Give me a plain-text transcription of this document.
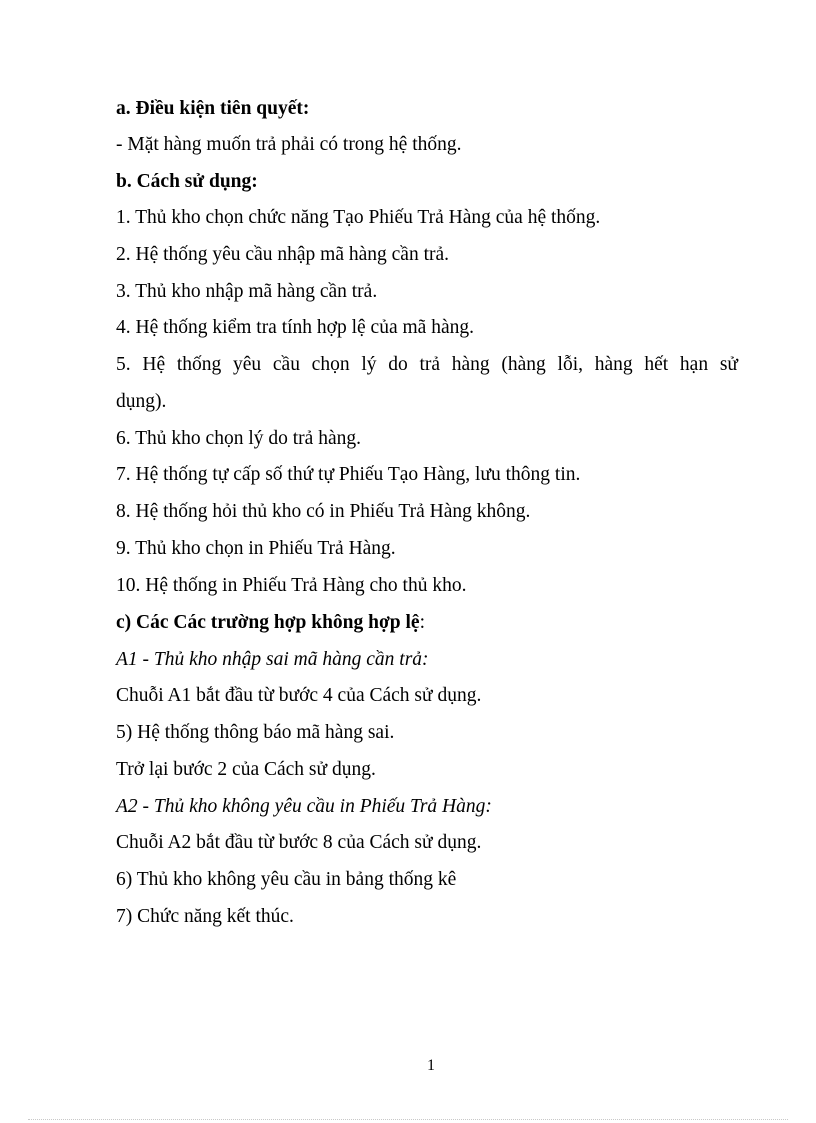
a. Điều kiện tiên quyết:
- Mặt hàng muốn trả phải có trong hệ thống.
b. Cách sử dụng:
1. Thủ kho chọn chức năng Tạo Phiếu Trả Hàng của hệ thống.
2. Hệ thống yêu cầu nhập mã hàng cần trả.
3. Thủ kho nhập mã hàng cần trả.
4. Hệ thống kiểm tra tính hợp lệ của mã hàng.
5. Hệ thống yêu cầu chọn lý do trả hàng (hàng lỗi, hàng hết hạn sử
dụng).
6. Thủ kho chọn lý do trả hàng.
7. Hệ thống tự cấp số thứ tự Phiếu Tạo Hàng, lưu thông tin.
8. Hệ thống hỏi thủ kho có in Phiếu Trả Hàng không.
9. Thủ kho chọn in Phiếu Trả Hàng.
10. Hệ thống in Phiếu Trả Hàng cho thủ kho.
c) Các Các trường hợp không hợp lệ:
A1 - Thủ kho nhập sai mã hàng cần trả:
Chuỗi A1 bắt đầu từ bước 4 của Cách sử dụng.
5) Hệ thống thông báo mã hàng sai.
Trở lại bước 2 của Cách sử dụng.
A2 - Thủ kho không yêu cầu in Phiếu Trả Hàng:
Chuỗi A2 bắt đầu từ bước 8 của Cách sử dụng.
6) Thủ kho không yêu cầu in bảng thống kê
7) Chức năng kết thúc.
1
